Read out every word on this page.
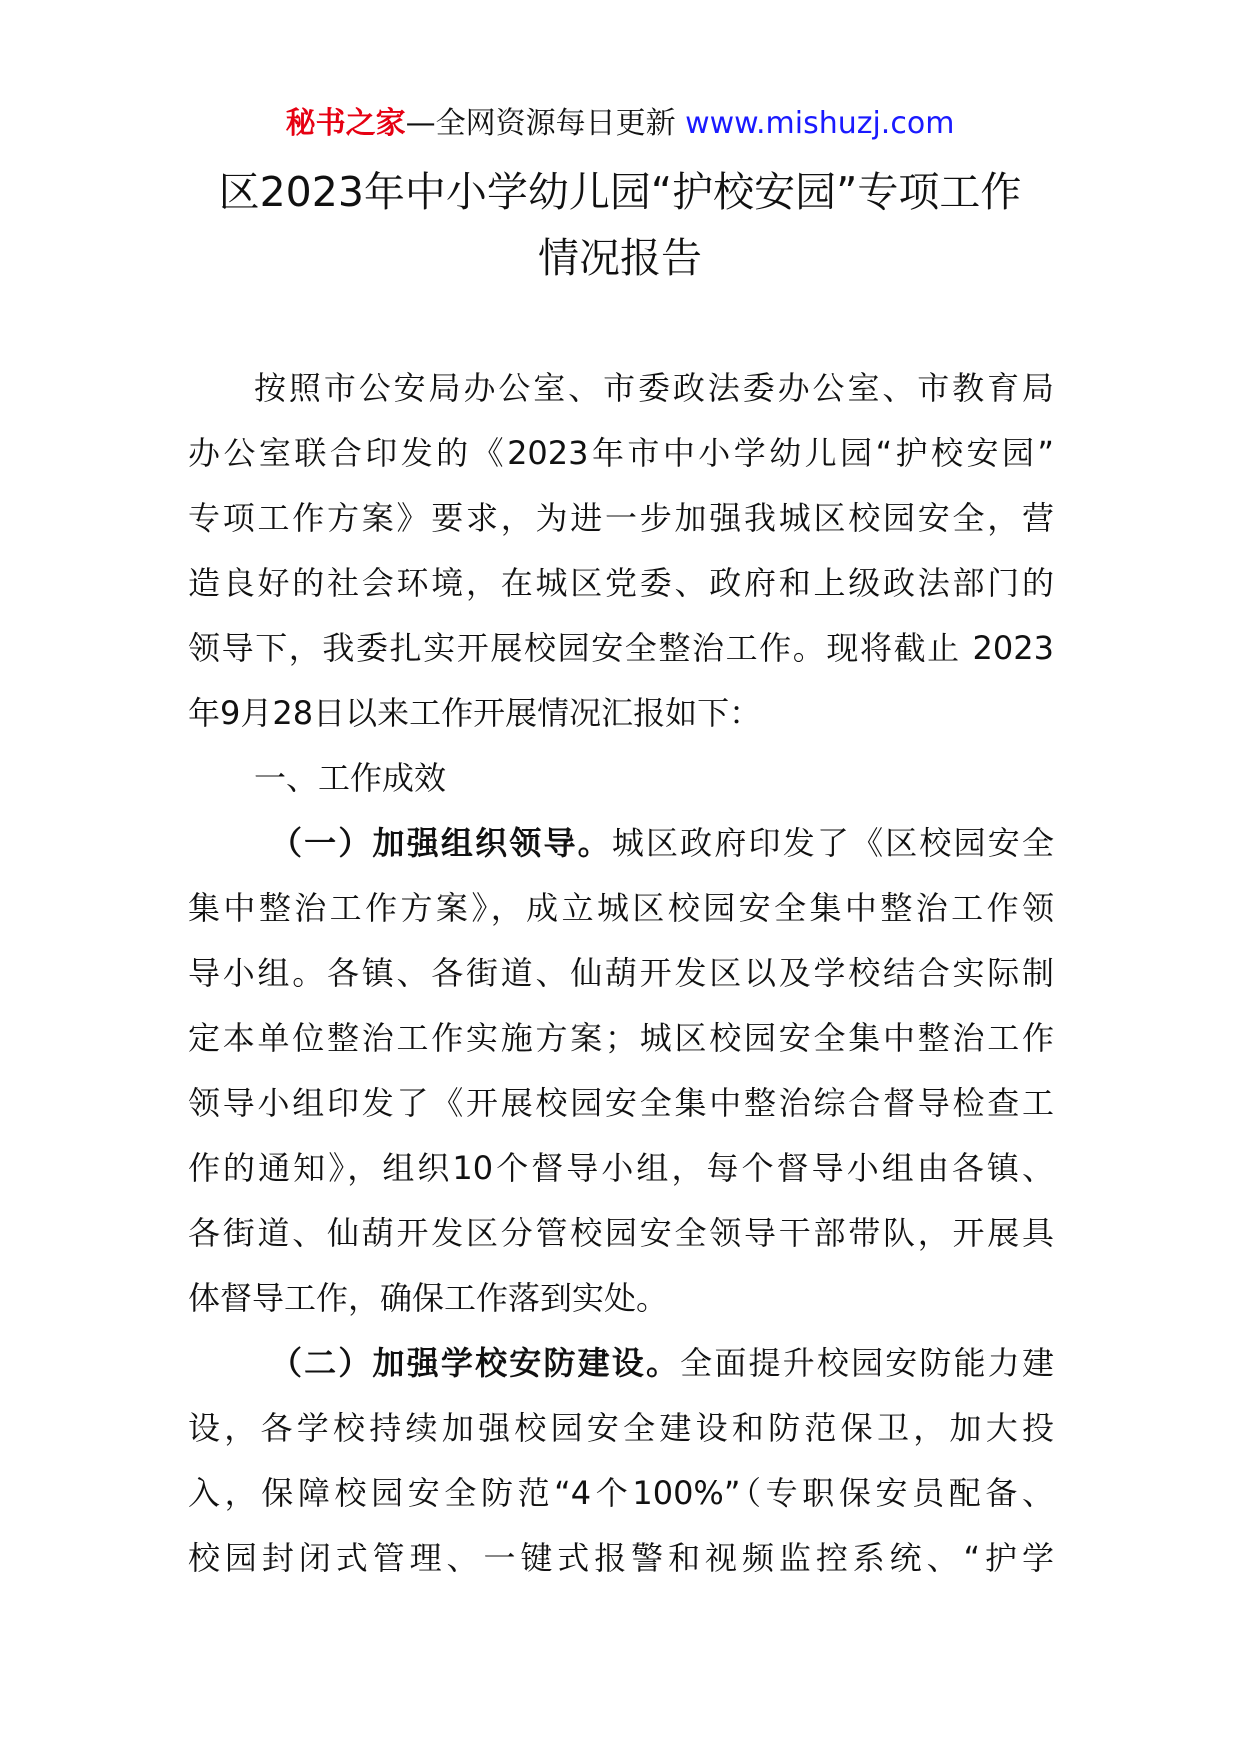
秘书之家—全网资源每日更新 www.mishuzj.com
区2023年中小学幼儿园“护校安园”专项工作
情况报告
按照市公安局办公室、市委政法委办公室、市教育局
办公室联合印发的《2023年市中小学幼儿园“护校安园”
专项工作方案》要求，为进一步加强我城区校园安全，营
造良好的社会环境，在城区党委、政府和上级政法部门的
领导下，我委扎实开展校园安全整治工作。现将截止 2023
年9月28日以来工作开展情况汇报如下：
一、工作成效
（一）加强组织领导。城区政府印发了《区校园安全
集中整治工作方案》，成立城区校园安全集中整治工作领
导小组。各镇、各街道、仙葫开发区以及学校结合实际制
定本单位整治工作实施方案；城区校园安全集中整治工作
领导小组印发了《开展校园安全集中整治综合督导检查工
作的通知》，组织10个督导小组，每个督导小组由各镇、
各街道、仙葫开发区分管校园安全领导干部带队，开展具
体督导工作，确保工作落到实处。
（二）加强学校安防建设。全面提升校园安防能力建
设，各学校持续加强校园安全建设和防范保卫，加大投
入，保障校园安全防范“4个100%”（专职保安员配备、
校园封闭式管理、一键式报警和视频监控系统、“护学
